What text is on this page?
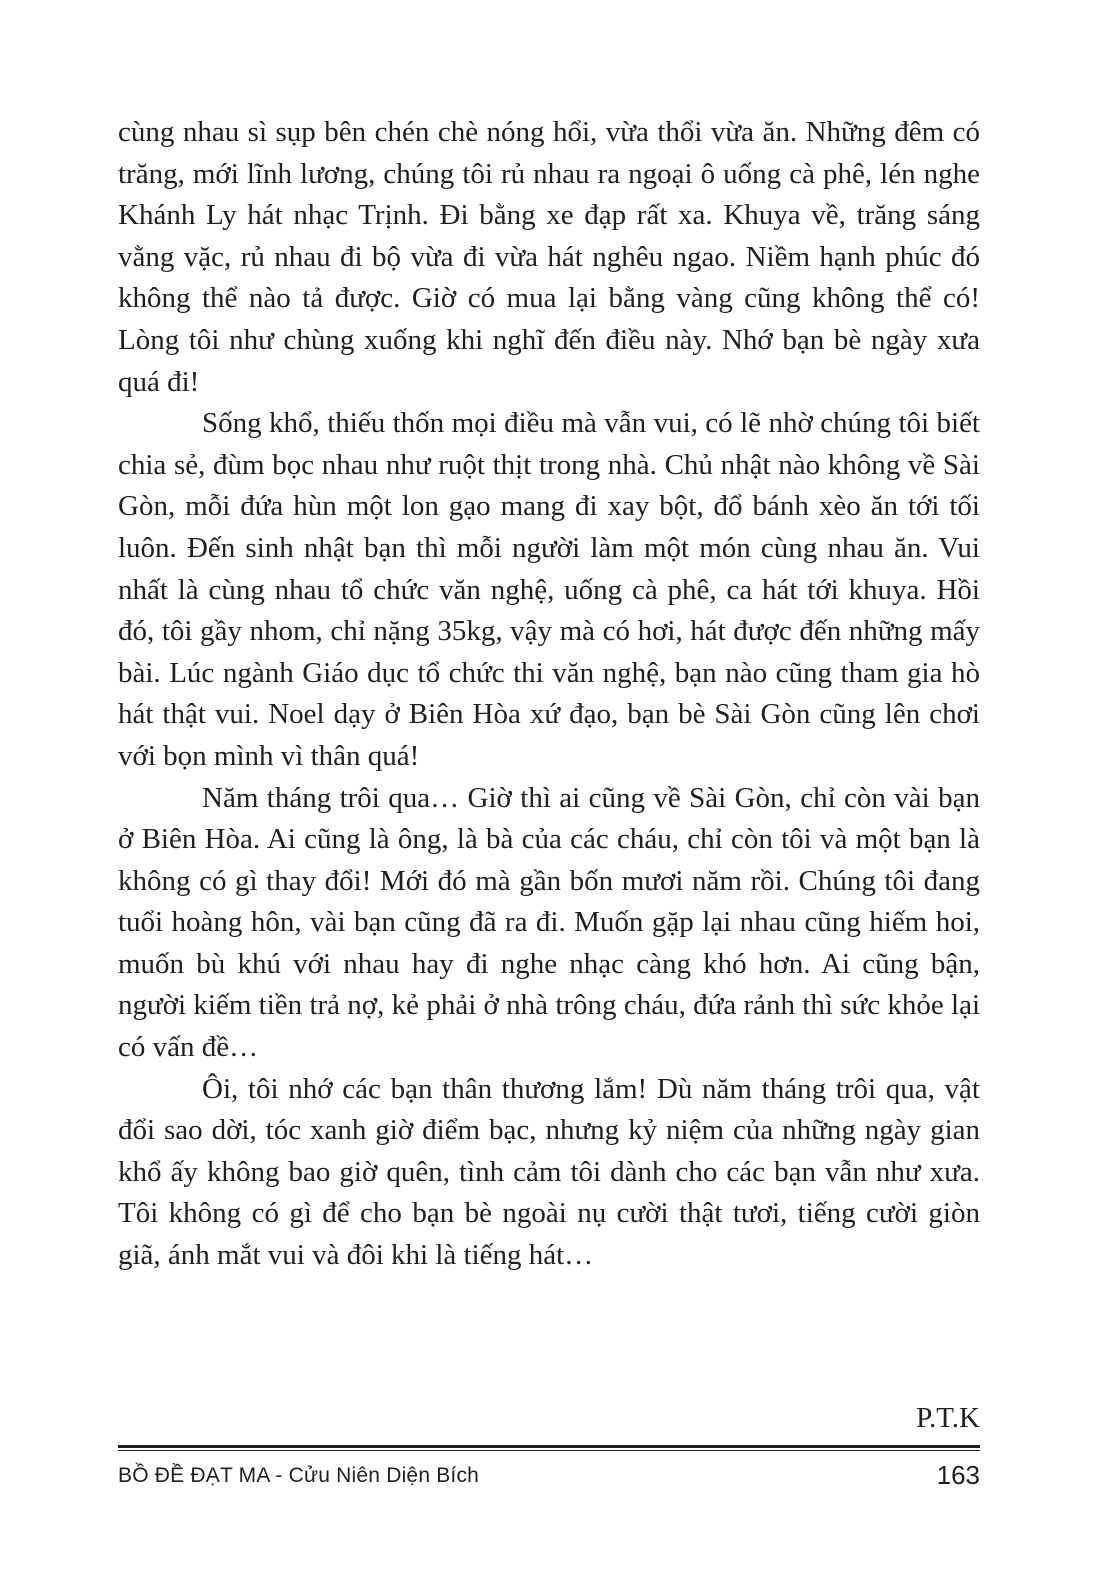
cùng nhau sì sụp bên chén chè nóng hổi, vừa thổi vừa ăn. Những đêm có trăng, mới lĩnh lương, chúng tôi rủ nhau ra ngoại ô uống cà phê, lén nghe Khánh Ly hát nhạc Trịnh. Đi bằng xe đạp rất xa. Khuya về, trăng sáng vằng vặc, rủ nhau đi bộ vừa đi vừa hát nghêu ngao. Niềm hạnh phúc đó không thể nào tả được. Giờ có mua lại bằng vàng cũng không thể có! Lòng tôi như chùng xuống khi nghĩ đến điều này. Nhớ bạn bè ngày xưa quá đi!

Sống khổ, thiếu thốn mọi điều mà vẫn vui, có lẽ nhờ chúng tôi biết chia sẻ, đùm bọc nhau như ruột thịt trong nhà. Chủ nhật nào không về Sài Gòn, mỗi đứa hùn một lon gạo mang đi xay bột, đổ bánh xèo ăn tới tối luôn. Đến sinh nhật bạn thì mỗi người làm một món cùng nhau ăn. Vui nhất là cùng nhau tổ chức văn nghệ, uống cà phê, ca hát tới khuya. Hồi đó, tôi gầy nhom, chỉ nặng 35kg, vậy mà có hơi, hát được đến những mấy bài. Lúc ngành Giáo dục tổ chức thi văn nghệ, bạn nào cũng tham gia hò hát thật vui. Noel dạy ở Biên Hòa xứ đạo, bạn bè Sài Gòn cũng lên chơi với bọn mình vì thân quá!

Năm tháng trôi qua… Giờ thì ai cũng về Sài Gòn, chỉ còn vài bạn ở Biên Hòa. Ai cũng là ông, là bà của các cháu, chỉ còn tôi và một bạn là không có gì thay đổi! Mới đó mà gần bốn mươi năm rồi. Chúng tôi đang tuổi hoàng hôn, vài bạn cũng đã ra đi. Muốn gặp lại nhau cũng hiếm hoi, muốn bù khú với nhau hay đi nghe nhạc càng khó hơn. Ai cũng bận, người kiếm tiền trả nợ, kẻ phải ở nhà trông cháu, đứa rảnh thì sức khỏe lại có vấn đề…

Ôi, tôi nhớ các bạn thân thương lắm! Dù năm tháng trôi qua, vật đổi sao dời, tóc xanh giờ điểm bạc, nhưng kỷ niệm của những ngày gian khổ ấy không bao giờ quên, tình cảm tôi dành cho các bạn vẫn như xưa. Tôi không có gì để cho bạn bè ngoài nụ cười thật tươi, tiếng cười giòn giã, ánh mắt vui và đôi khi là tiếng hát…

P.T.K
BỒ ĐỀ ĐẠT MA - Cửu Niên Diện Bích	163
